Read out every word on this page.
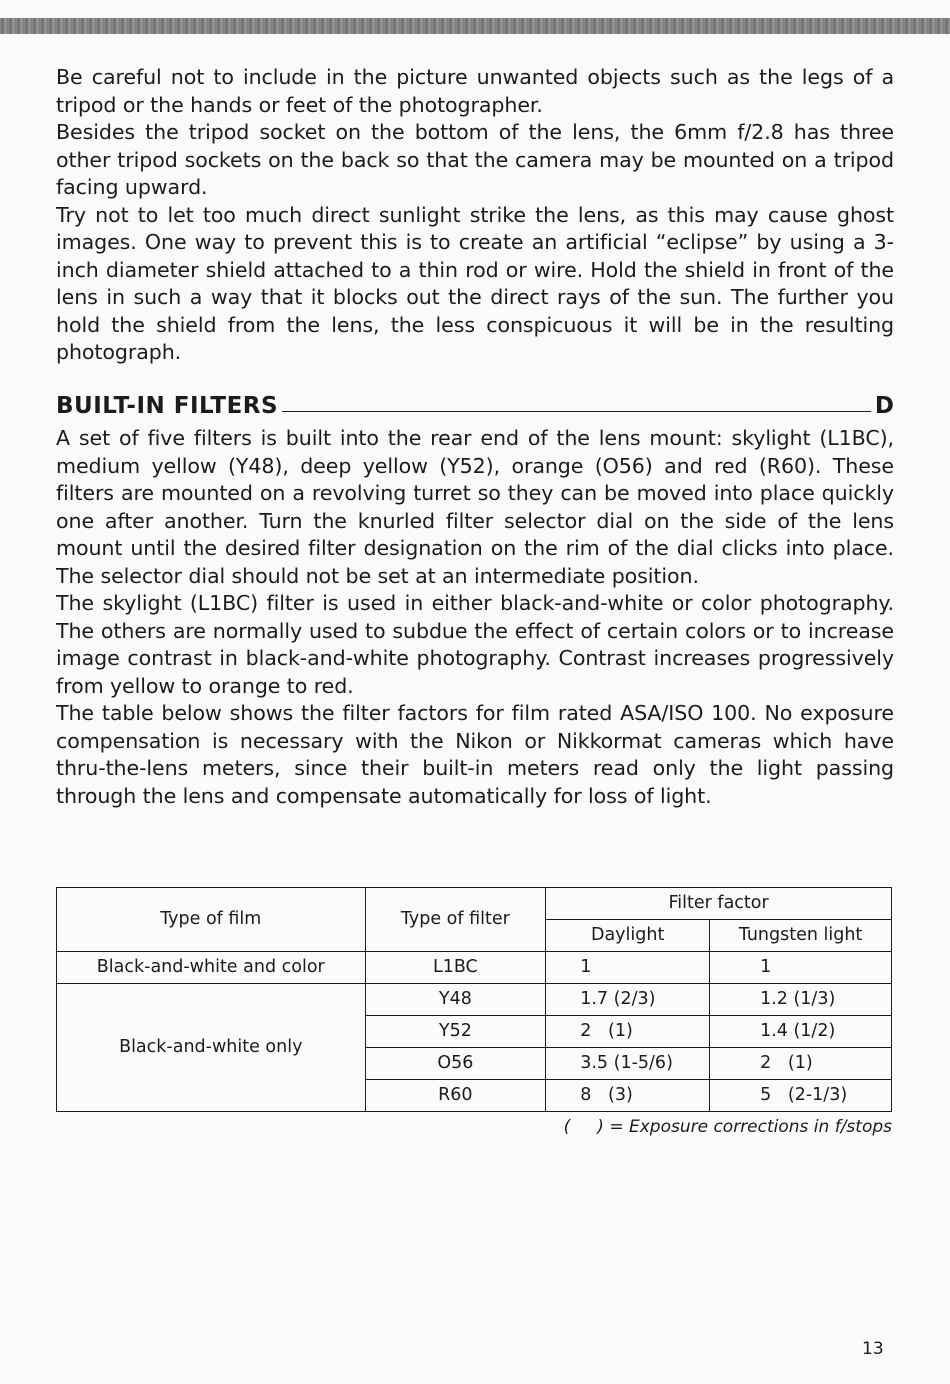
Be careful not to include in the picture unwanted objects such as the legs of a tripod or the hands or feet of the photographer.

Besides the tripod socket on the bottom of the lens, the 6mm f/2.8 has three other tripod sockets on the back so that the camera may be mounted on a tripod facing upward.

Try not to let too much direct sunlight strike the lens, as this may cause ghost images. One way to prevent this is to create an artificial “eclipse” by using a 3-inch diameter shield attached to a thin rod or wire. Hold the shield in front of the lens in such a way that it blocks out the direct rays of the sun. The further you hold the shield from the lens, the less conspicuous it will be in the resulting photograph.

BUILT-IN FILTERS	D

A set of five filters is built into the rear end of the lens mount: skylight (L1BC), medium yellow (Y48), deep yellow (Y52), orange (O56) and red (R60). These filters are mounted on a revolving turret so they can be moved into place quickly one after another. Turn the knurled filter selector dial on the side of the lens mount until the desired filter designation on the rim of the dial clicks into place. The selector dial should not be set at an intermediate position.

The skylight (L1BC) filter is used in either black-and-white or color photography. The others are normally used to subdue the effect of certain colors or to increase image contrast in black-and-white photography. Contrast increases progressively from yellow to orange to red.

The table below shows the filter factors for film rated ASA/ISO 100. No exposure compensation is necessary with the Nikon or Nikkormat cameras which have thru-the-lens meters, since their built-in meters read only the light passing through the lens and compensate automatically for loss of light.

Type of film	Type of filter	Filter factor	
		Daylight	Tungsten light
Black-and-white and color	L1BC	1	1
Black-and-white only	Y48	1.7 (2/3)	1.2 (1/3)
	Y52	2   (1)	1.4 (1/2)
	O56	3.5 (1-5/6)	2   (1)
	R60	8   (3)	5   (2-1/3)
(     ) = Exposure corrections in f/stops
13
